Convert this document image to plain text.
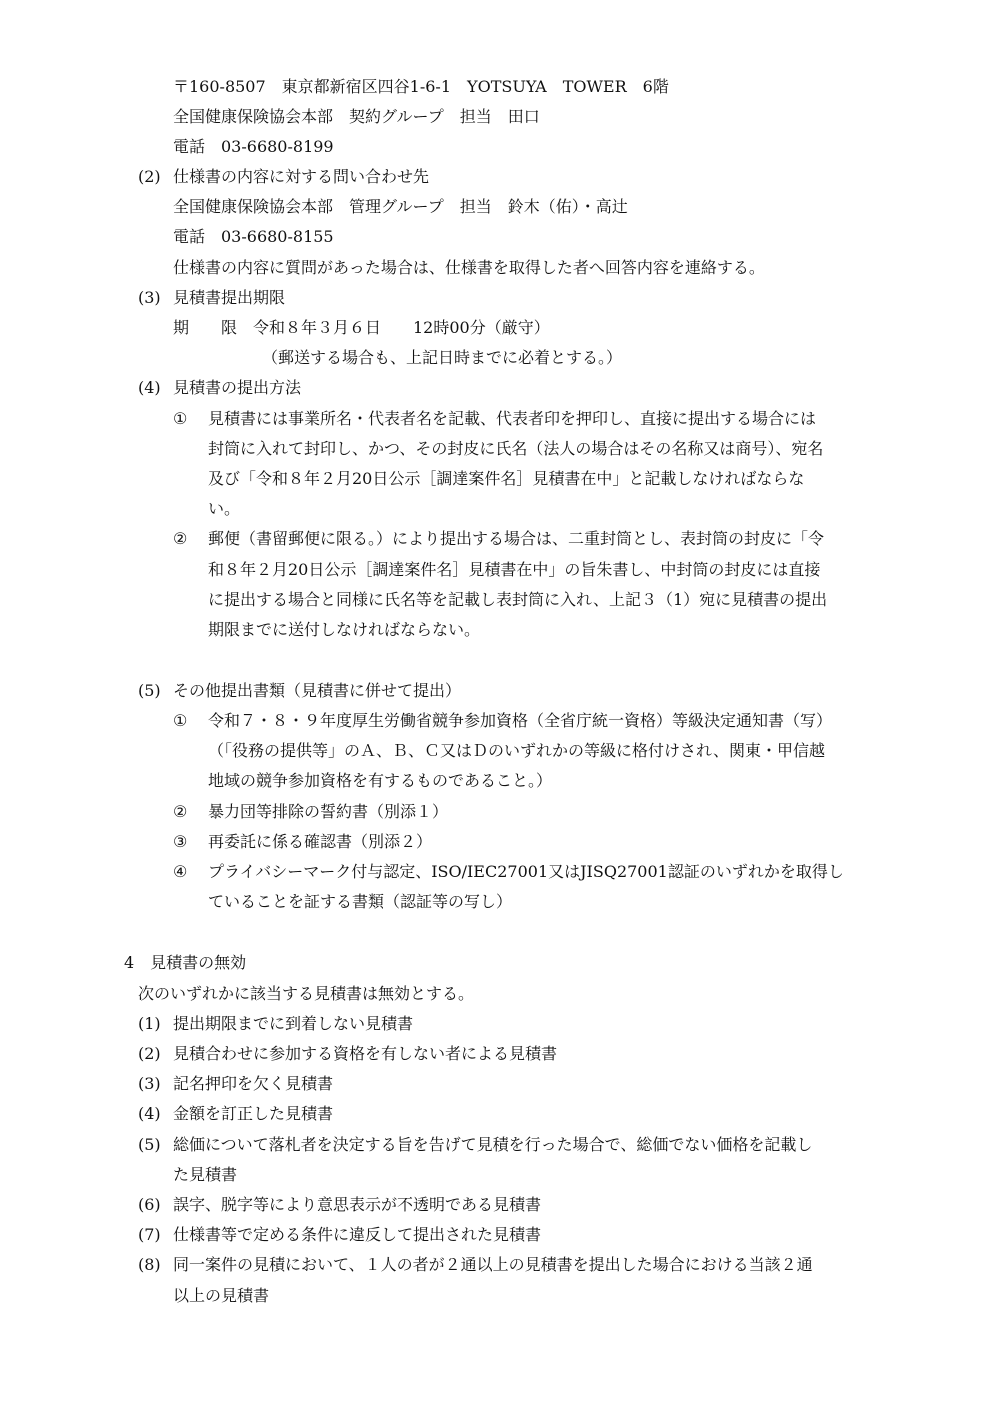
〒160-8507　東京都新宿区四谷1-6-1　YOTSUYA　TOWER　6階
全国健康保険協会本部　契約グループ　担当　田口
電話　03-6680-8199
(2) 仕様書の内容に対する問い合わせ先
全国健康保険協会本部　管理グループ　担当　鈴木（佑）・高辻
電話　03-6680-8155
仕様書の内容に質問があった場合は、仕様書を取得した者へ回答内容を連絡する。
(3) 見積書提出期限
期　　限　令和８年３月６日　　12時00分（厳守）
（郵送する場合も、上記日時までに必着とする。）
(4) 見積書の提出方法
① 見積書には事業所名・代表者名を記載、代表者印を押印し、直接に提出する場合には
封筒に入れて封印し、かつ、その封皮に氏名（法人の場合はその名称又は商号）、宛名
及び「令和８年２月20日公示［調達案件名］見積書在中」と記載しなければならな
い。
② 郵便（書留郵便に限る。）により提出する場合は、二重封筒とし、表封筒の封皮に「令
和８年２月20日公示［調達案件名］見積書在中」の旨朱書し、中封筒の封皮には直接
に提出する場合と同様に氏名等を記載し表封筒に入れ、上記３（1）宛に見積書の提出
期限までに送付しなければならない。
(5) その他提出書類（見積書に併せて提出）
① 令和７・８・９年度厚生労働省競争参加資格（全省庁統一資格）等級決定通知書（写）
（「役務の提供等」のＡ、Ｂ、Ｃ又はＤのいずれかの等級に格付けされ、関東・甲信越
地域の競争参加資格を有するものであること。）
② 暴力団等排除の誓約書（別添１）
③ 再委託に係る確認書（別添２）
④ プライバシーマーク付与認定、ISO/IEC27001又はJISQ27001認証のいずれかを取得し
ていることを証する書類（認証等の写し）
4　見積書の無効
次のいずれかに該当する見積書は無効とする。
(1) 提出期限までに到着しない見積書
(2) 見積合わせに参加する資格を有しない者による見積書
(3) 記名押印を欠く見積書
(4) 金額を訂正した見積書
(5) 総価について落札者を決定する旨を告げて見積を行った場合で、総価でない価格を記載し
た見積書
(6) 誤字、脱字等により意思表示が不透明である見積書
(7) 仕様書等で定める条件に違反して提出された見積書
(8) 同一案件の見積において、１人の者が２通以上の見積書を提出した場合における当該２通
以上の見積書
